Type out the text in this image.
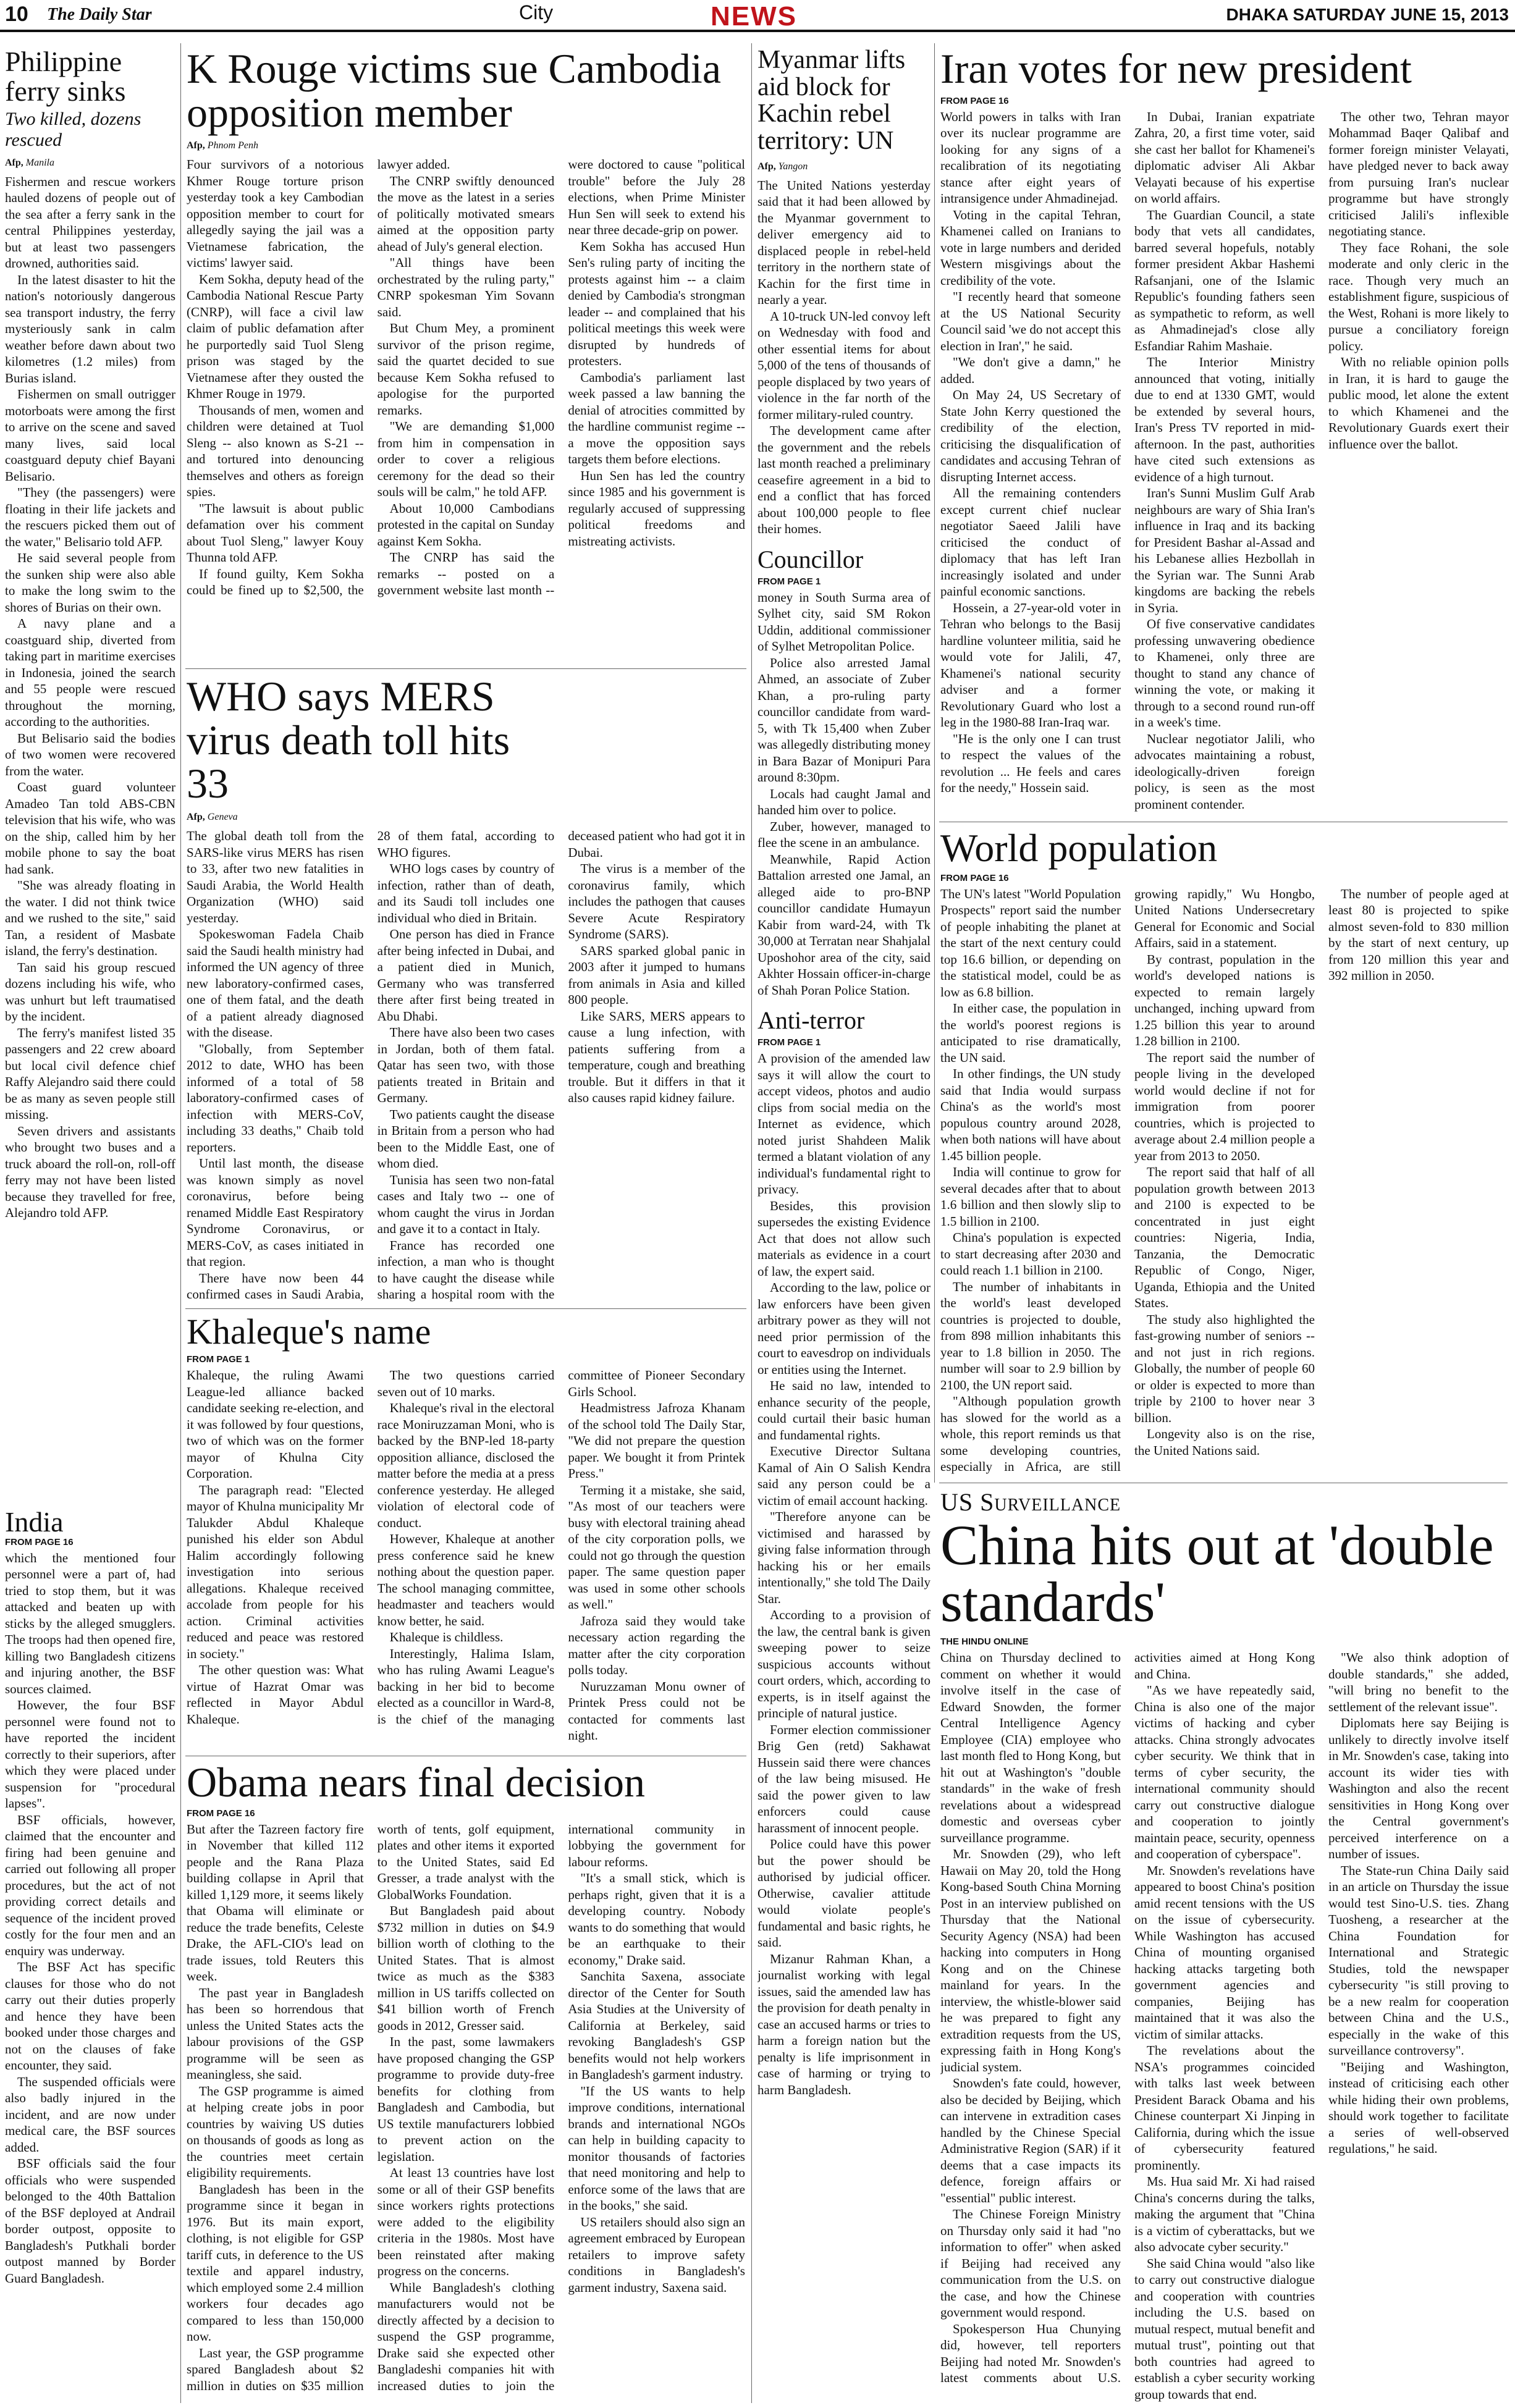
10 The Daily Star	City	NEWS	DHAKA SATURDAY JUNE 15, 2013
Philippine ferry sinks
Two killed, dozens rescued
Afp, Manila

Fishermen and rescue workers hauled dozens of people out of the sea after a ferry sank in the central Philippines yesterday, but at least two passengers drowned, authorities said.

In the latest disaster to hit the nation's notoriously dangerous sea transport industry, the ferry mysteriously sank in calm weather before dawn about two kilometres (1.2 miles) from Burias island.

Fishermen on small outrigger motorboats were among the first to arrive on the scene and saved many lives, said local coastguard deputy chief Bayani Belisario.

"They (the passengers) were floating in their life jackets and the rescuers picked them out of the water," Belisario told AFP.

He said several people from the sunken ship were also able to make the long swim to the shores of Burias on their own.

A navy plane and a coastguard ship, diverted from taking part in maritime exercises in Indonesia, joined the search and 55 people were rescued throughout the morning, according to the authorities.

But Belisario said the bodies of two women were recovered from the water.

Coast guard volunteer Amadeo Tan told ABS-CBN television that his wife, who was on the ship, called him by her mobile phone to say the boat had sank.

"She was already floating in the water. I did not think twice and we rushed to the site," said Tan, a resident of Masbate island, the ferry's destination.

Tan said his group rescued dozens including his wife, who was unhurt but left traumatised by the incident.

The ferry's manifest listed 35 passengers and 22 crew aboard but local civil defence chief Raffy Alejandro said there could be as many as seven people still missing.

Seven drivers and assistants who brought two buses and a truck aboard the roll-on, roll-off ferry may not have been listed because they travelled for free, Alejandro told AFP.

India
FROM PAGE 16

which the mentioned four personnel were a part of, had tried to stop them, but it was attacked and beaten up with sticks by the alleged smugglers. The troops had then opened fire, killing two Bangladesh citizens and injuring another, the BSF sources claimed.

However, the four BSF personnel were found not to have reported the incident correctly to their superiors, after which they were placed under suspension for "procedural lapses".

BSF officials, however, claimed that the encounter and firing had been genuine and carried out following all proper procedures, but the act of not providing correct details and sequence of the incident proved costly for the four men and an enquiry was underway.

The BSF Act has specific clauses for those who do not carry out their duties properly and hence they have been booked under those charges and not on the clauses of fake encounter, they said.

The suspended officials were also badly injured in the incident, and are now under medical care, the BSF sources added.

BSF officials said the four officials who were suspended belonged to the 40th Battalion of the BSF deployed at Andrail border outpost, opposite to Bangladesh's Putkhali border outpost manned by Border Guard Bangladesh.

K Rouge victims sue Cambodia opposition member
Afp, Phnom Penh

Four survivors of a notorious Khmer Rouge torture prison yesterday took a key Cambodian opposition member to court for allegedly saying the jail was a Vietnamese fabrication, the victims' lawyer said.

Kem Sokha, deputy head of the Cambodia National Rescue Party (CNRP), will face a civil law claim of public defamation after he purportedly said Tuol Sleng prison was staged by the Vietnamese after they ousted the Khmer Rouge in 1979.

Thousands of men, women and children were detained at Tuol Sleng -- also known as S-21 -- and tortured into denouncing themselves and others as foreign spies.

"The lawsuit is about public defamation over his comment about Tuol Sleng," lawyer Kouy Thunna told AFP.

If found guilty, Kem Sokha could be fined up to $2,500, the lawyer added.

The CNRP swiftly denounced the move as the latest in a series of politically motivated smears aimed at the opposition party ahead of July's general election.

"All things have been orchestrated by the ruling party," CNRP spokesman Yim Sovann said.

But Chum Mey, a prominent survivor of the prison regime, said the quartet decided to sue because Kem Sokha refused to apologise for the purported remarks.

"We are demanding $1,000 from him in compensation in order to cover a religious ceremony for the dead so their souls will be calm," he told AFP.

About 10,000 Cambodians protested in the capital on Sunday against Kem Sokha.

The CNRP has said the remarks -- posted on a government website last month -- were doctored to cause "political trouble" before the July 28 elections, when Prime Minister Hun Sen will seek to extend his near three decade-grip on power.

Kem Sokha has accused Hun Sen's ruling party of inciting the protests against him -- a claim denied by Cambodia's strongman leader -- and complained that his political meetings this week were disrupted by hundreds of protesters.

Cambodia's parliament last week passed a law banning the denial of atrocities committed by the hardline communist regime -- a move the opposition says targets them before elections.

Hun Sen has led the country since 1985 and his government is regularly accused of suppressing political freedoms and mistreating activists.

WHO says MERS virus death toll hits 33
Afp, Geneva

The global death toll from the SARS-like virus MERS has risen to 33, after two new fatalities in Saudi Arabia, the World Health Organization (WHO) said yesterday.

Spokeswoman Fadela Chaib said the Saudi health ministry had informed the UN agency of three new laboratory-confirmed cases, one of them fatal, and the death of a patient already diagnosed with the disease.

"Globally, from September 2012 to date, WHO has been informed of a total of 58 laboratory-confirmed cases of infection with MERS-CoV, including 33 deaths," Chaib told reporters.

Until last month, the disease was known simply as novel coronavirus, before being renamed Middle East Respiratory Syndrome Coronavirus, or MERS-CoV, as cases initiated in that region.

There have now been 44 confirmed cases in Saudi Arabia, 28 of them fatal, according to WHO figures.

WHO logs cases by country of infection, rather than of death, and its Saudi toll includes one individual who died in Britain.

One person has died in France after being infected in Dubai, and a patient died in Munich, Germany who was transferred there after first being treated in Abu Dhabi.

There have also been two cases in Jordan, both of them fatal. Qatar has seen two, with those patients treated in Britain and Germany.

Two patients caught the disease in Britain from a person who had been to the Middle East, one of whom died.

Tunisia has seen two non-fatal cases and Italy two -- one of whom caught the virus in Jordan and gave it to a contact in Italy.

France has recorded one infection, a man who is thought to have caught the disease while sharing a hospital room with the deceased patient who had got it in Dubai.

The virus is a member of the coronavirus family, which includes the pathogen that causes Severe Acute Respiratory Syndrome (SARS).

SARS sparked global panic in 2003 after it jumped to humans from animals in Asia and killed 800 people.

Like SARS, MERS appears to cause a lung infection, with patients suffering from a temperature, cough and breathing trouble. But it differs in that it also causes rapid kidney failure.

Khaleque's name
FROM PAGE 1

Khaleque, the ruling Awami League-led alliance backed candidate seeking re-election, and it was followed by four questions, two of which was on the former mayor of Khulna City Corporation.

The paragraph read: "Elected mayor of Khulna municipality Mr Talukder Abdul Khaleque punished his elder son Abdul Halim accordingly following investigation into serious allegations. Khaleque received accolade from people for his action. Criminal activities reduced and peace was restored in society."

The other question was: What virtue of Hazrat Omar was reflected in Mayor Abdul Khaleque.

The two questions carried seven out of 10 marks.

Khaleque's rival in the electoral race Moniruzzaman Moni, who is backed by the BNP-led 18-party opposition alliance, disclosed the matter before the media at a press conference yesterday. He alleged violation of electoral code of conduct.

However, Khaleque at another press conference said he knew nothing about the question paper. The school managing committee, headmaster and teachers would know better, he said.

Khaleque is childless.

Interestingly, Halima Islam, who has ruling Awami League's backing in her bid to become elected as a councillor in Ward-8, is the chief of the managing committee of Pioneer Secondary Girls School.

Headmistress Jafroza Khanam of the school told The Daily Star, "We did not prepare the question paper. We bought it from Printek Press."

Terming it a mistake, she said, "As most of our teachers were busy with electoral training ahead of the city corporation polls, we could not go through the question paper. The same question paper was used in some other schools as well."

Jafroza said they would take necessary action regarding the matter after the city corporation polls today.

Nuruzzaman Monu owner of Printek Press could not be contacted for comments last night.

Obama nears final decision
FROM PAGE 16

But after the Tazreen factory fire in November that killed 112 people and the Rana Plaza building collapse in April that killed 1,129 more, it seems likely that Obama will eliminate or reduce the trade benefits, Celeste Drake, the AFL-CIO's lead on trade issues, told Reuters this week.

The past year in Bangladesh has been so horrendous that unless the United States acts the labour provisions of the GSP programme will be seen as meaningless, she said.

The GSP programme is aimed at helping create jobs in poor countries by waiving US duties on thousands of goods as long as the countries meet certain eligibility requirements.

Bangladesh has been in the programme since it began in 1976. But its main export, clothing, is not eligible for GSP tariff cuts, in deference to the US textile and apparel industry, which employed some 2.4 million workers four decades ago compared to less than 150,000 now.

Last year, the GSP programme spared Bangladesh about $2 million in duties on $35 million worth of tents, golf equipment, plates and other items it exported to the United States, said Ed Gresser, a trade analyst with the GlobalWorks Foundation.

But Bangladesh paid about $732 million in duties on $4.9 billion worth of clothing to the United States. That is almost twice as much as the $383 million in US tariffs collected on $41 billion worth of French goods in 2012, Gresser said.

In the past, some lawmakers have proposed changing the GSP programme to provide duty-free benefits for clothing from Bangladesh and Cambodia, but US textile manufacturers lobbied to prevent action on the legislation.

At least 13 countries have lost some or all of their GSP benefits since workers rights protections were added to the eligibility criteria in the 1980s. Most have been reinstated after making progress on the concerns.

While Bangladesh's clothing manufacturers would not be directly affected by a decision to suspend the GSP programme, Drake said she expected other Bangladeshi companies hit with increased duties to join the international community in lobbying the government for labour reforms.

"It's a small stick, which is perhaps right, given that it is a developing country. Nobody wants to do something that would be an earthquake to their economy," Drake said.

Sanchita Saxena, associate director of the Center for South Asia Studies at the University of California at Berkeley, said revoking Bangladesh's GSP benefits would not help workers in Bangladesh's garment industry.

"If the US wants to help improve conditions, international brands and international NGOs can help in building capacity to monitor thousands of factories that need monitoring and help to enforce some of the laws that are in the books," she said.

US retailers should also sign an agreement embraced by European retailers to improve safety conditions in Bangladesh's garment industry, Saxena said.

Myanmar lifts aid block for Kachin rebel territory: UN
Afp, Yangon

The United Nations yesterday said that it had been allowed by the Myanmar government to deliver emergency aid to displaced people in rebel-held territory in the northern state of Kachin for the first time in nearly a year.

A 10-truck UN-led convoy left on Wednesday with food and other essential items for about 5,000 of the tens of thousands of people displaced by two years of violence in the far north of the former military-ruled country.

The development came after the government and the rebels last month reached a preliminary ceasefire agreement in a bid to end a conflict that has forced about 100,000 people to flee their homes.

Councillor
FROM PAGE 1

money in South Surma area of Sylhet city, said SM Rokon Uddin, additional commissioner of Sylhet Metropolitan Police.

Police also arrested Jamal Ahmed, an associate of Zuber Khan, a pro-ruling party councillor candidate from ward-5, with Tk 15,400 when Zuber was allegedly distributing money in Bara Bazar of Monipuri Para around 8:30pm.

Locals had caught Jamal and handed him over to police.

Zuber, however, managed to flee the scene in an ambulance.

Meanwhile, Rapid Action Battalion arrested one Jamal, an alleged aide to pro-BNP councillor candidate Humayun Kabir from ward-24, with Tk 30,000 at Terratan near Shahjalal Uposhohor area of the city, said Akhter Hossain officer-in-charge of Shah Poran Police Station.

Anti-terror
FROM PAGE 1

A provision of the amended law says it will allow the court to accept videos, photos and audio clips from social media on the Internet as evidence, which noted jurist Shahdeen Malik termed a blatant violation of any individual's fundamental right to privacy.

Besides, this provision supersedes the existing Evidence Act that does not allow such materials as evidence in a court of law, the expert said.

According to the law, police or law enforcers have been given arbitrary power as they will not need prior permission of the court to eavesdrop on individuals or entities using the Internet.

He said no law, intended to enhance security of the people, could curtail their basic human and fundamental rights.

Executive Director Sultana Kamal of Ain O Salish Kendra said any person could be a victim of email account hacking.

"Therefore anyone can be victimised and harassed by giving false information through hacking his or her emails intentionally," she told The Daily Star.

According to a provision of the law, the central bank is given sweeping power to seize suspicious accounts without court orders, which, according to experts, is in itself against the principle of natural justice.

Former election commissioner Brig Gen (retd) Sakhawat Hussein said there were chances of the law being misused. He said the power given to law enforcers could cause harassment of innocent people.

Police could have this power but the power should be authorised by judicial officer. Otherwise, cavalier attitude would violate people's fundamental and basic rights, he said.

Mizanur Rahman Khan, a journalist working with legal issues, said the amended law has the provision for death penalty in case an accused harms or tries to harm a foreign nation but the penalty is life imprisonment in case of harming or trying to harm Bangladesh.

Iran votes for new president
FROM PAGE 16

World powers in talks with Iran over its nuclear programme are looking for any signs of a recalibration of its negotiating stance after eight years of intransigence under Ahmadinejad.

Voting in the capital Tehran, Khamenei called on Iranians to vote in large numbers and derided Western misgivings about the credibility of the vote.

"I recently heard that someone at the US National Security Council said 'we do not accept this election in Iran'," he said.

"We don't give a damn," he added.

On May 24, US Secretary of State John Kerry questioned the credibility of the election, criticising the disqualification of candidates and accusing Tehran of disrupting Internet access.

All the remaining contenders except current chief nuclear negotiator Saeed Jalili have criticised the conduct of diplomacy that has left Iran increasingly isolated and under painful economic sanctions.

Hossein, a 27-year-old voter in Tehran who belongs to the Basij hardline volunteer militia, said he would vote for Jalili, 47, Khamenei's national security adviser and a former Revolutionary Guard who lost a leg in the 1980-88 Iran-Iraq war.

"He is the only one I can trust to respect the values of the revolution ... He feels and cares for the needy," Hossein said.

In Dubai, Iranian expatriate Zahra, 20, a first time voter, said she cast her ballot for Khamenei's diplomatic adviser Ali Akbar Velayati because of his expertise on world affairs.

The Guardian Council, a state body that vets all candidates, barred several hopefuls, notably former president Akbar Hashemi Rafsanjani, one of the Islamic Republic's founding fathers seen as sympathetic to reform, as well as Ahmadinejad's close ally Esfandiar Rahim Mashaie.

The Interior Ministry announced that voting, initially due to end at 1330 GMT, would be extended by several hours, Iran's Press TV reported in mid-afternoon. In the past, authorities have cited such extensions as evidence of a high turnout.

Iran's Sunni Muslim Gulf Arab neighbours are wary of Shia Iran's influence in Iraq and its backing for President Bashar al-Assad and his Lebanese allies Hezbollah in the Syrian war. The Sunni Arab kingdoms are backing the rebels in Syria.

Of five conservative candidates professing unwavering obedience to Khamenei, only three are thought to stand any chance of winning the vote, or making it through to a second round run-off in a week's time.

Nuclear negotiator Jalili, who advocates maintaining a robust, ideologically-driven foreign policy, is seen as the most prominent contender.

The other two, Tehran mayor Mohammad Baqer Qalibaf and former foreign minister Velayati, have pledged never to back away from pursuing Iran's nuclear programme but have strongly criticised Jalili's inflexible negotiating stance.

They face Rohani, the sole moderate and only cleric in the race. Though very much an establishment figure, suspicious of the West, Rohani is more likely to pursue a conciliatory foreign policy.

With no reliable opinion polls in Iran, it is hard to gauge the public mood, let alone the extent to which Khamenei and the Revolutionary Guards exert their influence over the ballot.

World population
FROM PAGE 16

The UN's latest "World Population Prospects" report said the number of people inhabiting the planet at the start of the next century could top 16.6 billion, or depending on the statistical model, could be as low as 6.8 billion.

In either case, the population in the world's poorest regions is anticipated to rise dramatically, the UN said.

In other findings, the UN study said that India would surpass China's as the world's most populous country around 2028, when both nations will have about 1.45 billion people.

India will continue to grow for several decades after that to about 1.6 billion and then slowly slip to 1.5 billion in 2100.

China's population is expected to start decreasing after 2030 and could reach 1.1 billion in 2100.

The number of inhabitants in the world's least developed countries is projected to double, from 898 million inhabitants this year to 1.8 billion in 2050. The number will soar to 2.9 billion by 2100, the UN report said.

"Although population growth has slowed for the world as a whole, this report reminds us that some developing countries, especially in Africa, are still growing rapidly," Wu Hongbo, United Nations Undersecretary General for Economic and Social Affairs, said in a statement.

By contrast, population in the world's developed nations is expected to remain largely unchanged, inching upward from 1.25 billion this year to around 1.28 billion in 2100.

The report said the number of people living in the developed world would decline if not for immigration from poorer countries, which is projected to average about 2.4 million people a year from 2013 to 2050.

The report said that half of all population growth between 2013 and 2100 is expected to be concentrated in just eight countries: Nigeria, India, Tanzania, the Democratic Republic of Congo, Niger, Uganda, Ethiopia and the United States.

The study also highlighted the fast-growing number of seniors -- and not just in rich regions. Globally, the number of people 60 or older is expected to more than triple by 2100 to hover near 3 billion.

Longevity also is on the rise, the United Nations said.

The number of people aged at least 80 is projected to spike almost seven-fold to 830 million by the start of next century, up from 120 million this year and 392 million in 2050.

US Surveillance
China hits out at 'double standards'
THE HINDU ONLINE

China on Thursday declined to comment on whether it would involve itself in the case of Edward Snowden, the former Central Intelligence Agency Employee (CIA) employee who last month fled to Hong Kong, but hit out at Washington's "double standards" in the wake of fresh revelations about a widespread domestic and overseas cyber surveillance programme.

Mr. Snowden (29), who left Hawaii on May 20, told the Hong Kong-based South China Morning Post in an interview published on Thursday that the National Security Agency (NSA) had been hacking into computers in Hong Kong and on the Chinese mainland for years. In the interview, the whistle-blower said he was prepared to fight any extradition requests from the US, expressing faith in Hong Kong's judicial system.

Snowden's fate could, however, also be decided by Beijing, which can intervene in extradition cases handled by the Chinese Special Administrative Region (SAR) if it deems that a case impacts its defence, foreign affairs or "essential" public interest.

The Chinese Foreign Ministry on Thursday only said it had "no information to offer" when asked if Beijing had received any communication from the U.S. on the case, and how the Chinese government would respond.

Spokesperson Hua Chunying did, however, tell reporters Beijing had noted Mr. Snowden's latest comments about U.S. activities aimed at Hong Kong and China.

"As we have repeatedly said, China is also one of the major victims of hacking and cyber attacks. China strongly advocates cyber security. We think that in terms of cyber security, the international community should carry out constructive dialogue and cooperation to jointly maintain peace, security, openness and cooperation of cyberspace".

Mr. Snowden's revelations have appeared to boost China's position amid recent tensions with the US on the issue of cybersecurity. While Washington has accused China of mounting organised hacking attacks targeting both government agencies and companies, Beijing has maintained that it was also the victim of similar attacks.

The revelations about the NSA's programmes coincided with talks last week between President Barack Obama and his Chinese counterpart Xi Jinping in California, during which the issue of cybersecurity featured prominently.

Ms. Hua said Mr. Xi had raised China's concerns during the talks, making the argument that "China is a victim of cyberattacks, but we also advocate cyber security."

She said China would "also like to carry out constructive dialogue and cooperation with countries including the U.S. based on mutual respect, mutual benefit and mutual trust", pointing out that both countries had agreed to establish a cyber security working group towards that end.

"We also think adoption of double standards," she added, "will bring no benefit to the settlement of the relevant issue".

Diplomats here say Beijing is unlikely to directly involve itself in Mr. Snowden's case, taking into account its wider ties with Washington and also the recent sensitivities in Hong Kong over the Central government's perceived interference on a number of issues.

The State-run China Daily said in an article on Thursday the issue would test Sino-U.S. ties. Zhang Tuosheng, a researcher at the China Foundation for International and Strategic Studies, told the newspaper cybersecurity "is still proving to be a new realm for cooperation between China and the U.S., especially in the wake of this surveillance controversy".

"Beijing and Washington, instead of criticising each other while hiding their own problems, should work together to facilitate a series of well-observed regulations," he said.
